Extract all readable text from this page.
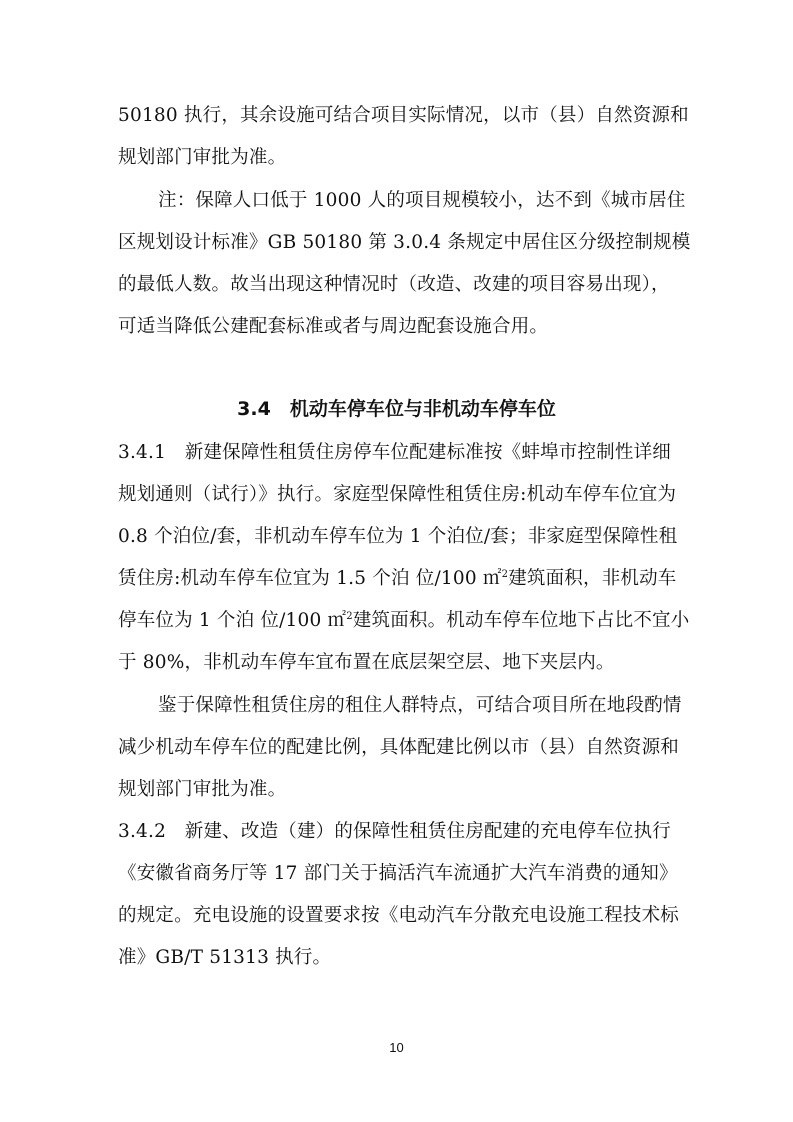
50180 执行，其余设施可结合项目实际情况，以市（县）自然资源和
规划部门审批为准。
注：保障人口低于 1000 人的项目规模较小，达不到《城市居住
区规划设计标准》GB 50180 第 3.0.4 条规定中居住区分级控制规模
的最低人数。故当出现这种情况时（改造、改建的项目容易出现），
可适当降低公建配套标准或者与周边配套设施合用。
3.4　机动车停车位与非机动车停车位
3.4.1　新建保障性租赁住房停车位配建标准按《蚌埠市控制性详细
规划通则（试行）》执行。家庭型保障性租赁住房:机动车停车位宜为
0.8 个泊位/套，非机动车停车位为 1 个泊位/套；非家庭型保障性租
赁住房:机动车停车位宜为 1.5 个泊 位/100 ㎡$^2$建筑面积，非机动车
停车位为 1 个泊 位/100 ㎡$^2$建筑面积。机动车停车位地下占比不宜小
于 80%，非机动车停车宜布置在底层架空层、地下夹层内。
鉴于保障性租赁住房的租住人群特点，可结合项目所在地段酌情
减少机动车停车位的配建比例，具体配建比例以市（县）自然资源和
规划部门审批为准。
3.4.2　新建、改造（建）的保障性租赁住房配建的充电停车位执行
《安徽省商务厅等 17 部门关于搞活汽车流通扩大汽车消费的通知》
的规定。充电设施的设置要求按《电动汽车分散充电设施工程技术标
准》GB/T 51313 执行。
10
